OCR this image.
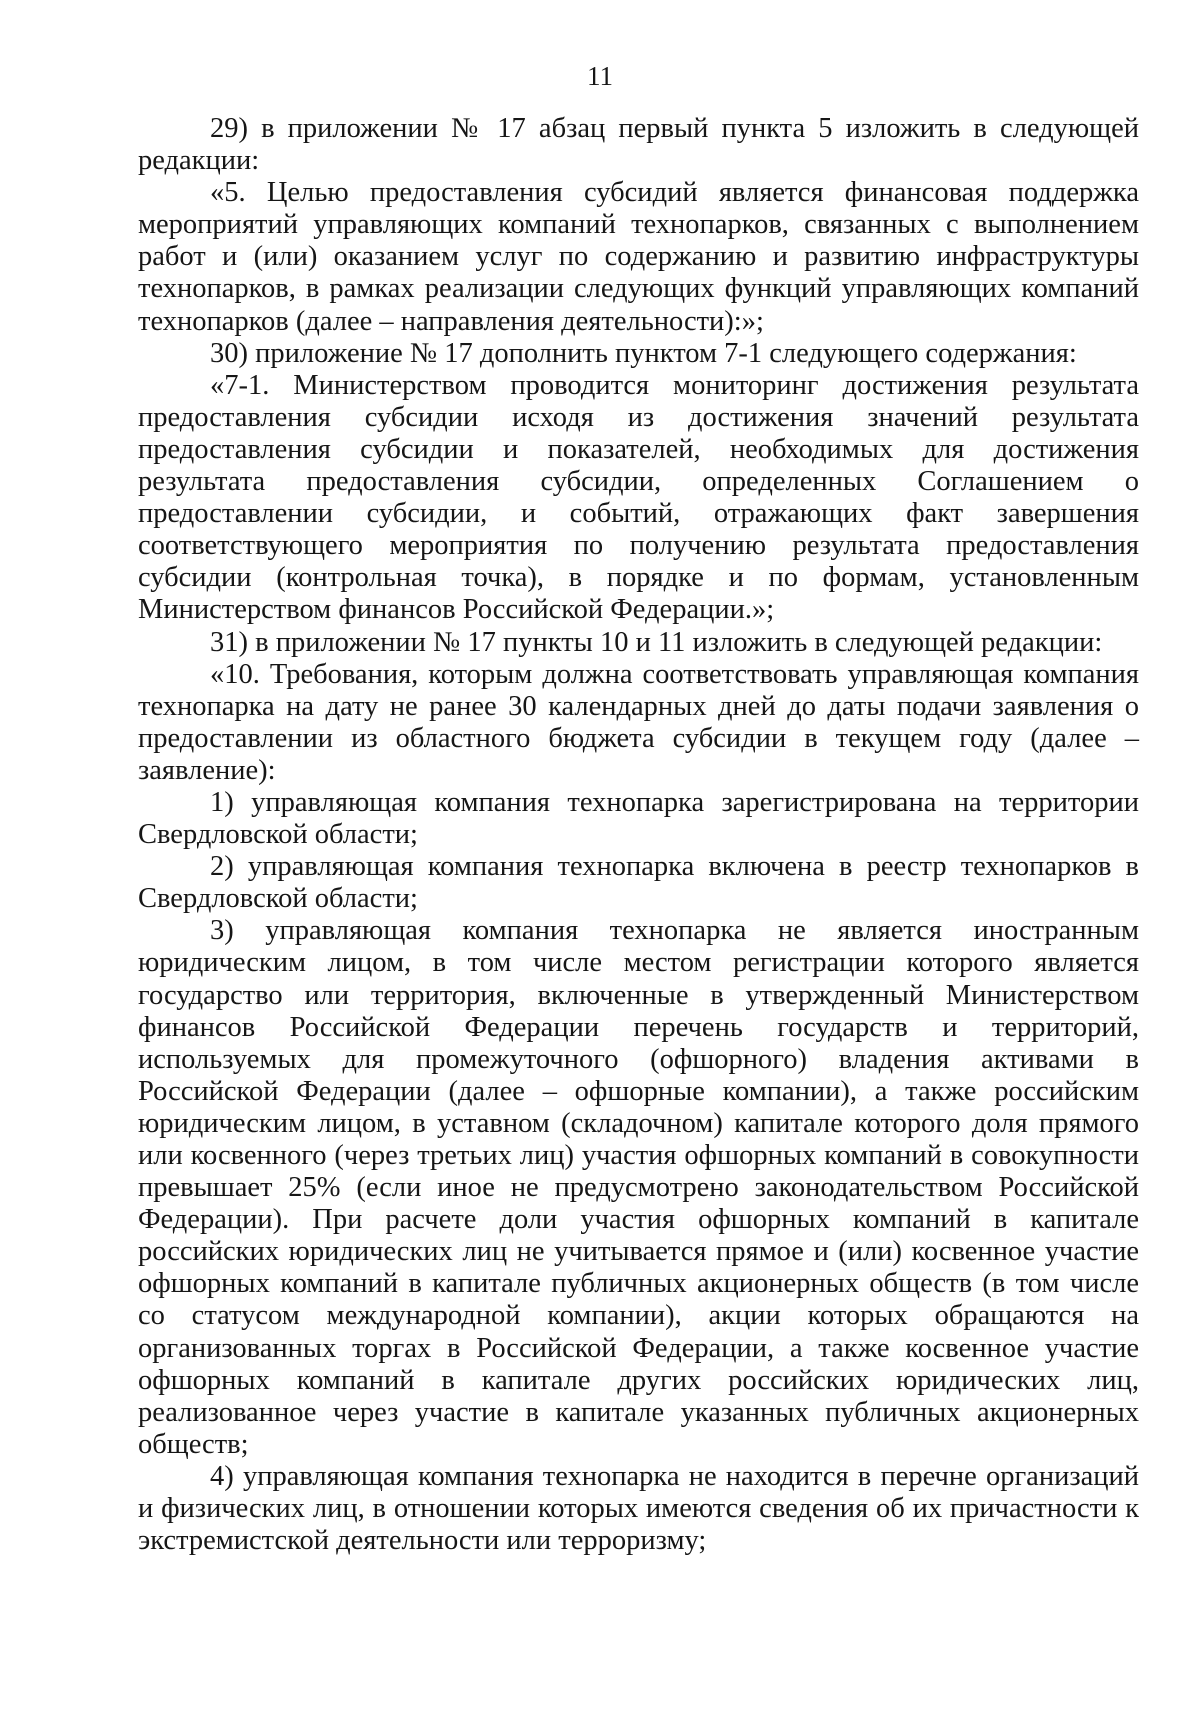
11

29) в приложении № 17 абзац первый пункта 5 изложить в следующей редакции:

«5. Целью предоставления субсидий является финансовая поддержка мероприятий управляющих компаний технопарков, связанных с выполнением работ и (или) оказанием услуг по содержанию и развитию инфраструктуры технопарков, в рамках реализации следующих функций управляющих компаний технопарков (далее – направления деятельности):»;

30) приложение № 17 дополнить пунктом 7-1 следующего содержания:

«7-1. Министерством проводится мониторинг достижения результата предоставления субсидии исходя из достижения значений результата предоставления субсидии и показателей, необходимых для достижения результата предоставления субсидии, определенных Соглашением о предоставлении субсидии, и событий, отражающих факт завершения соответствующего мероприятия по получению результата предоставления субсидии (контрольная точка), в порядке и по формам, установленным Министерством финансов Российской Федерации.»;

31) в приложении № 17 пункты 10 и 11 изложить в следующей редакции:

«10. Требования, которым должна соответствовать управляющая компания технопарка на дату не ранее 30 календарных дней до даты подачи заявления о предоставлении из областного бюджета субсидии в текущем году (далее – заявление):

1) управляющая компания технопарка зарегистрирована на территории Свердловской области;

2) управляющая компания технопарка включена в реестр технопарков в Свердловской области;

3) управляющая компания технопарка не является иностранным юридическим лицом, в том числе местом регистрации которого является государство или территория, включенные в утвержденный Министерством финансов Российской Федерации перечень государств и территорий, используемых для промежуточного (офшорного) владения активами в Российской Федерации (далее – офшорные компании), а также российским юридическим лицом, в уставном (складочном) капитале которого доля прямого или косвенного (через третьих лиц) участия офшорных компаний в совокупности превышает 25% (если иное не предусмотрено законодательством Российской Федерации). При расчете доли участия офшорных компаний в капитале российских юридических лиц не учитывается прямое и (или) косвенное участие офшорных компаний в капитале публичных акционерных обществ (в том числе со статусом международной компании), акции которых обращаются на организованных торгах в Российской Федерации, а также косвенное участие офшорных компаний в капитале других российских юридических лиц, реализованное через участие в капитале указанных публичных акционерных обществ;

4) управляющая компания технопарка не находится в перечне организаций и физических лиц, в отношении которых имеются сведения об их причастности к экстремистской деятельности или терроризму;
